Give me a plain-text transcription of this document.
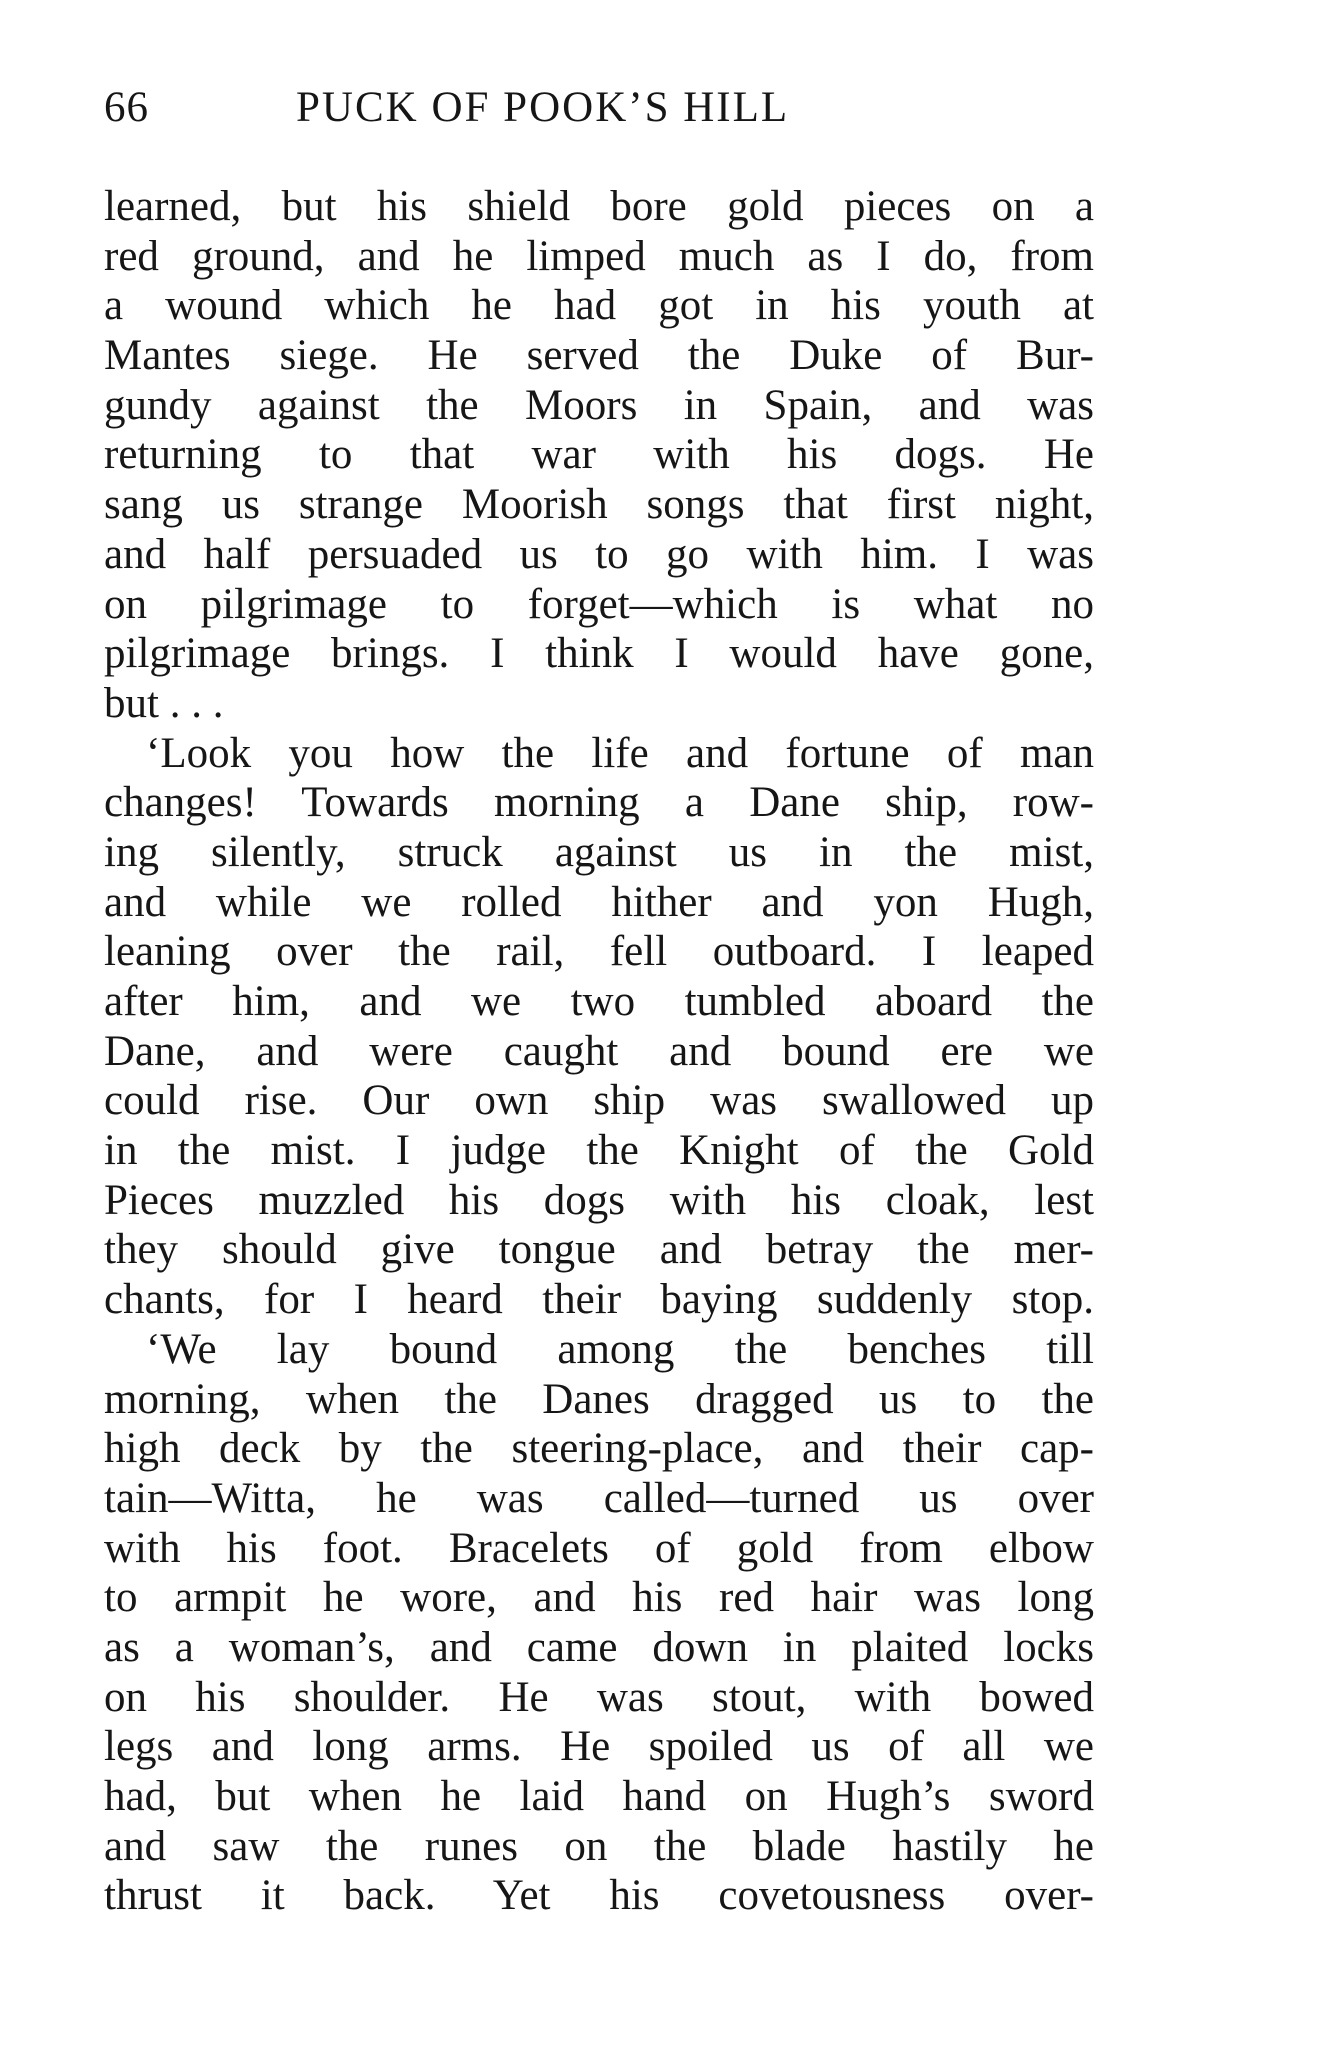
66	PUCK OF POOK’S HILL
learned, but his shield bore gold pieces on a
red ground, and he limped much as I do, from
a wound which he had got in his youth at
Mantes siege. He served the Duke of Bur-
gundy against the Moors in Spain, and was
returning to that war with his dogs. He
sang us strange Moorish songs that first night,
and half persuaded us to go with him. I was
on pilgrimage to forget—which is what no
pilgrimage brings. I think I would have gone,
but . . .
‘Look you how the life and fortune of man
changes! Towards morning a Dane ship, row-
ing silently, struck against us in the mist,
and while we rolled hither and yon Hugh,
leaning over the rail, fell outboard. I leaped
after him, and we two tumbled aboard the
Dane, and were caught and bound ere we
could rise. Our own ship was swallowed up
in the mist. I judge the Knight of the Gold
Pieces muzzled his dogs with his cloak, lest
they should give tongue and betray the mer-
chants, for I heard their baying suddenly stop.
‘We lay bound among the benches till
morning, when the Danes dragged us to the
high deck by the steering-place, and their cap-
tain—Witta, he was called—turned us over
with his foot. Bracelets of gold from elbow
to armpit he wore, and his red hair was long
as a woman’s, and came down in plaited locks
on his shoulder. He was stout, with bowed
legs and long arms. He spoiled us of all we
had, but when he laid hand on Hugh’s sword
and saw the runes on the blade hastily he
thrust it back. Yet his covetousness over-
